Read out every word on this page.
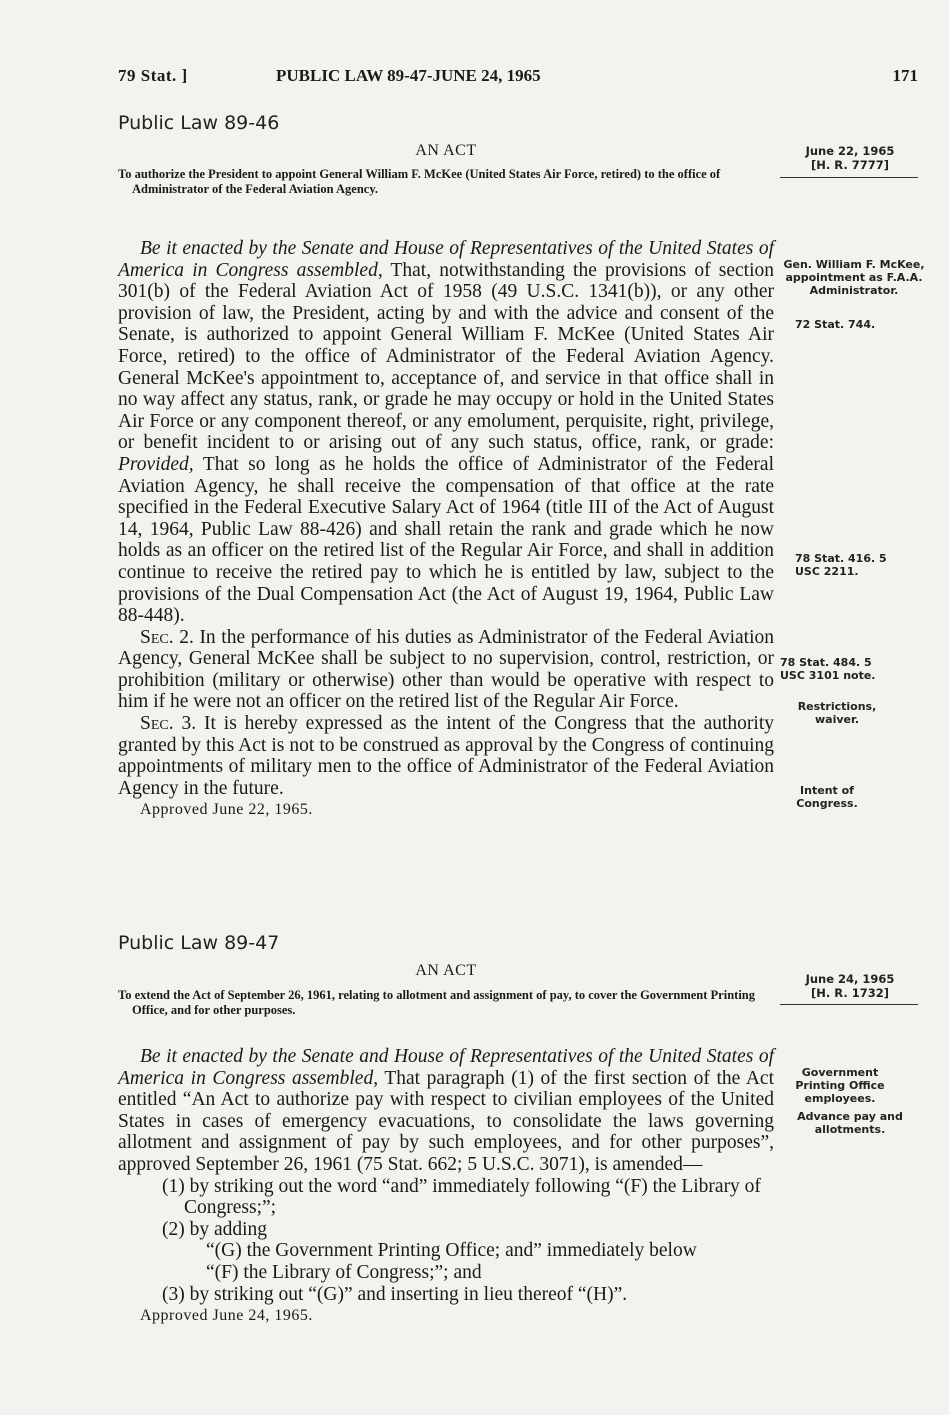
79 Stat. ]	PUBLIC LAW 89-47-JUNE 24, 1965	171
Public Law 89-46
AN ACT	June 22, 1965
[H. R. 7777]
To authorize the President to appoint General William F. McKee (United States Air Force, retired) to the office of Administrator of the Federal Aviation Agency.

Be it enacted by the Senate and House of Representatives of the United States of America in Congress assembled, That, notwithstanding the provisions of section 301(b) of the Federal Aviation Act of 1958 (49 U.S.C. 1341(b)), or any other provision of law, the President, acting by and with the advice and consent of the Senate, is authorized to appoint General William F. McKee (United States Air Force, retired) to the office of Administrator of the Federal Aviation Agency. General McKee's appointment to, acceptance of, and service in that office shall in no way affect any status, rank, or grade he may occupy or hold in the United States Air Force or any component thereof, or any emolument, perquisite, right, privilege, or benefit incident to or arising out of any such status, office, rank, or grade: Provided, That so long as he holds the office of Administrator of the Federal Aviation Agency, he shall receive the compensation of that office at the rate specified in the Federal Executive Salary Act of 1964 (title III of the Act of August 14, 1964, Public Law 88-426) and shall retain the rank and grade which he now holds as an officer on the retired list of the Regular Air Force, and shall in addition continue to receive the retired pay to which he is entitled by law, subject to the provisions of the Dual Compensation Act (the Act of August 19, 1964, Public Law 88-448).

Sec. 2. In the performance of his duties as Administrator of the Federal Aviation Agency, General McKee shall be subject to no supervision, control, restriction, or prohibition (military or otherwise) other than would be operative with respect to him if he were not an officer on the retired list of the Regular Air Force.

Sec. 3. It is hereby expressed as the intent of the Congress that the authority granted by this Act is not to be construed as approval by the Congress of continuing appointments of military men to the office of Administrator of the Federal Aviation Agency in the future.

Approved June 22, 1965.

Gen. William F. McKee, appointment as F.A.A. Administrator.
72 Stat. 744.
78 Stat. 416. 5 USC 2211.
78 Stat. 484. 5 USC 3101 note.
Restrictions, waiver.
Intent of Congress.
Public Law 89-47
AN ACT	June 24, 1965
[H. R. 1732]
To extend the Act of September 26, 1961, relating to allotment and assignment of pay, to cover the Government Printing Office, and for other purposes.

Be it enacted by the Senate and House of Representatives of the United States of America in Congress assembled, That paragraph (1) of the first section of the Act entitled “An Act to authorize pay with respect to civilian employees of the United States in cases of emergency evacuations, to consolidate the laws governing allotment and assignment of pay by such employees, and for other purposes”, approved September 26, 1961 (75 Stat. 662; 5 U.S.C. 3071), is amended—

(1) by striking out the word “and” immediately following “(F) the Library of Congress;”;

(2) by adding

“(G) the Government Printing Office; and” immediately below

“(F) the Library of Congress;”; and

(3) by striking out “(G)” and inserting in lieu thereof “(H)”.

Approved June 24, 1965.

Government Printing Office employees.
Advance pay and allotments.
